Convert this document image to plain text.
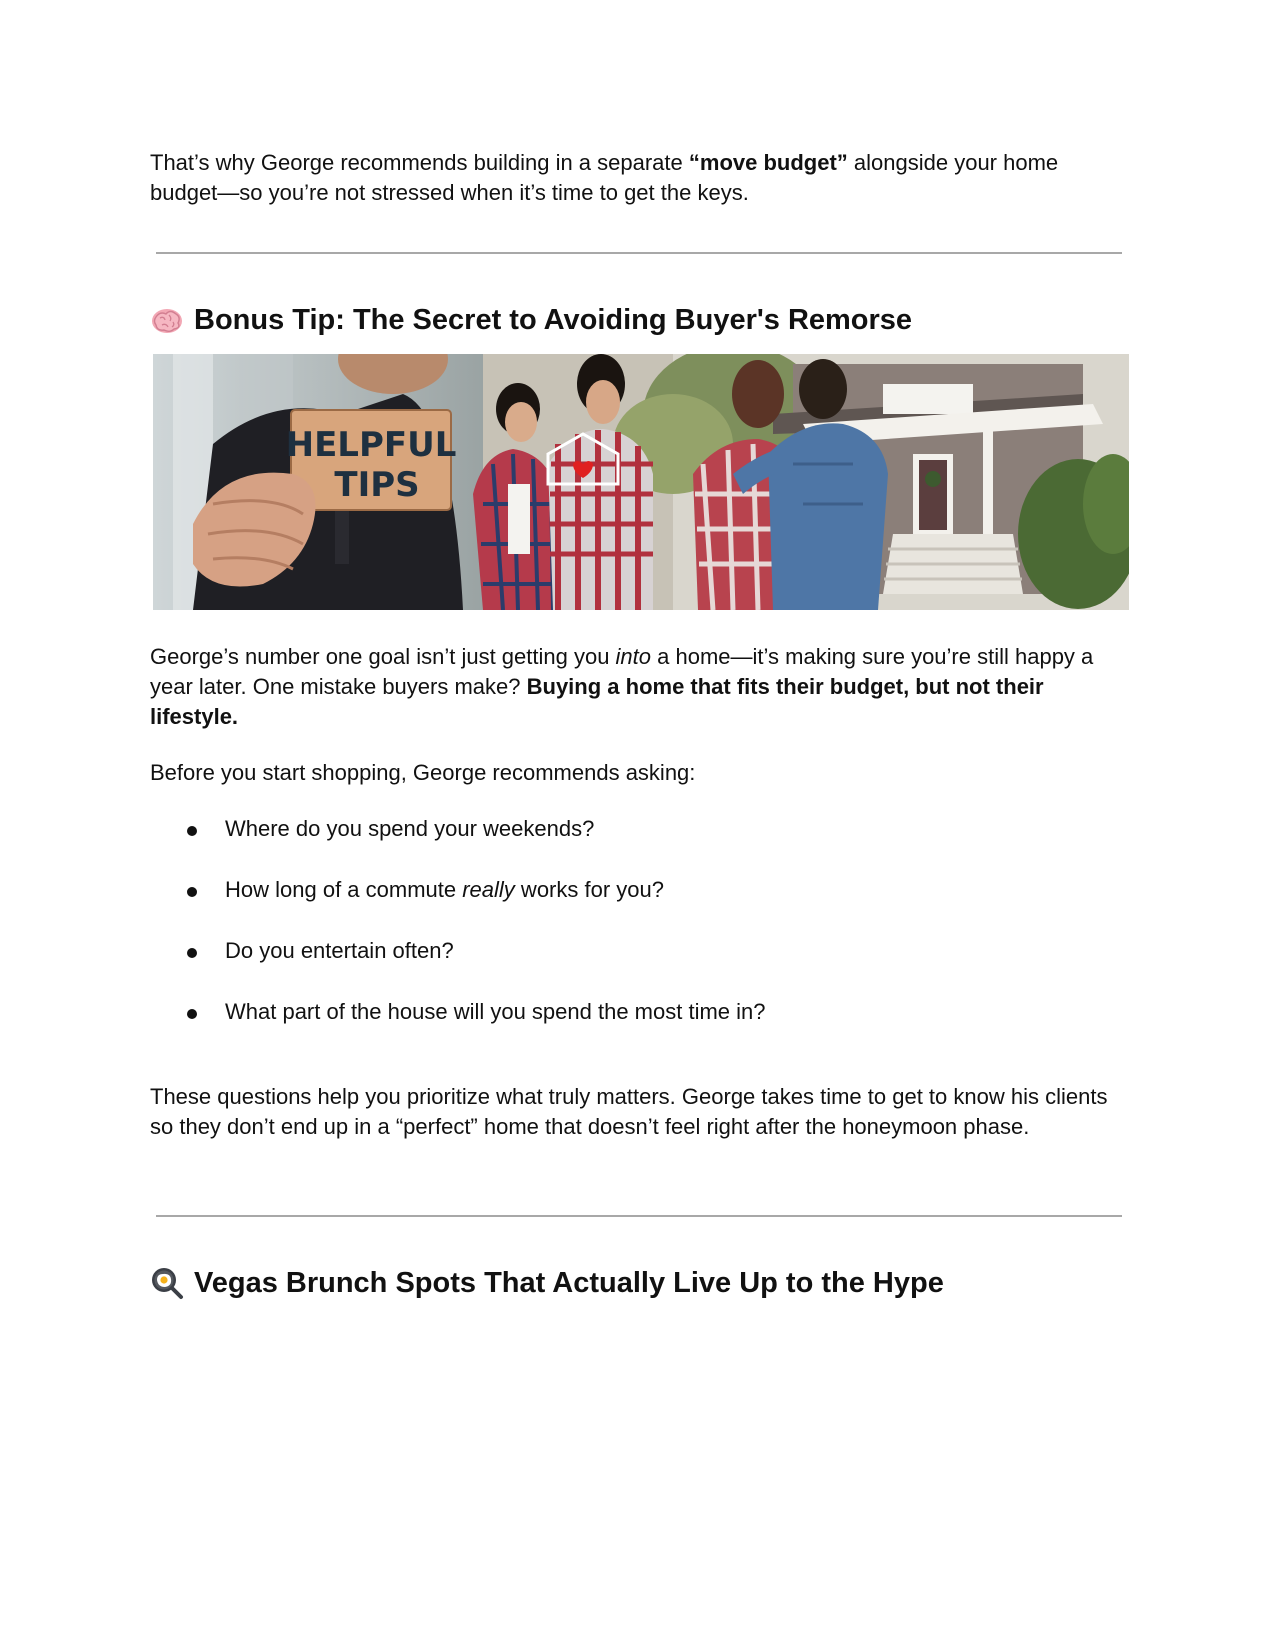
That’s why George recommends building in a separate “move budget” alongside your home budget—so you’re not stressed when it’s time to get the keys.

Bonus Tip: The Secret to Avoiding Buyer's Remorse
HELPFUL
TIPS

George’s number one goal isn’t just getting you into a home—it’s making sure you’re still happy a year later. One mistake buyers make? Buying a home that fits their budget, but not their lifestyle.

Before you start shopping, George recommends asking:

Where do you spend your weekends?
How long of a commute really works for you?
Do you entertain often?
What part of the house will you spend the most time in?

These questions help you prioritize what truly matters. George takes time to get to know his clients so they don’t end up in a “perfect” home that doesn’t feel right after the honeymoon phase.

Vegas Brunch Spots That Actually Live Up to the Hype
